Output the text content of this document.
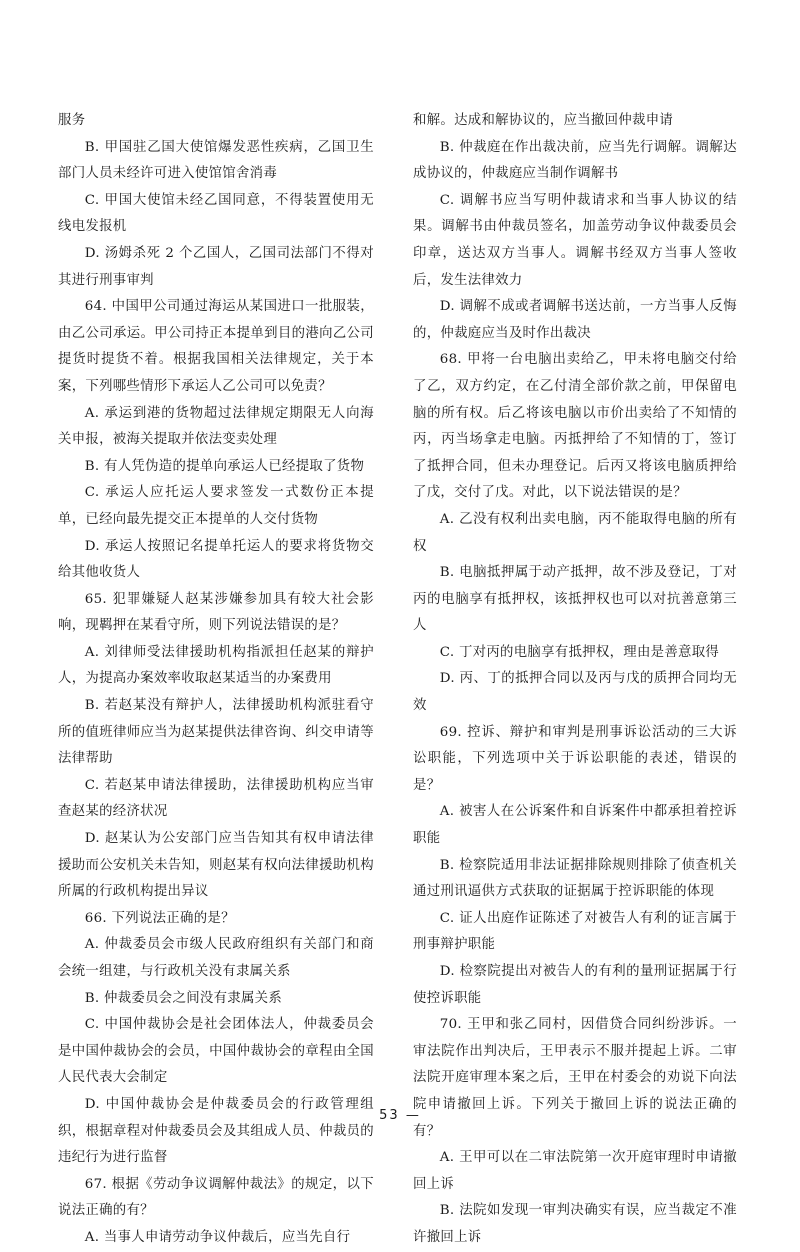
服务

B. 甲国驻乙国大使馆爆发恶性疾病，乙国卫生部门人员未经许可进入使馆馆舍消毒

C. 甲国大使馆未经乙国同意，不得装置使用无线电发报机

D. 汤姆杀死 2 个乙国人，乙国司法部门不得对其进行刑事审判

64. 中国甲公司通过海运从某国进口一批服装，由乙公司承运。甲公司持正本提单到目的港向乙公司提货时提货不着。根据我国相关法律规定，关于本案，下列哪些情形下承运人乙公司可以免责？

A. 承运到港的货物超过法律规定期限无人向海关申报，被海关提取并依法变卖处理

B. 有人凭伪造的提单向承运人已经提取了货物

C. 承运人应托运人要求签发一式数份正本提单，已经向最先提交正本提单的人交付货物

D. 承运人按照记名提单托运人的要求将货物交给其他收货人

65. 犯罪嫌疑人赵某涉嫌参加具有较大社会影响，现羁押在某看守所，则下列说法错误的是？

A. 刘律师受法律援助机构指派担任赵某的辩护人，为提高办案效率收取赵某适当的办案费用

B. 若赵某没有辩护人，法律援助机构派驻看守所的值班律师应当为赵某提供法律咨询、纠交申请等法律帮助

C. 若赵某申请法律援助，法律援助机构应当审查赵某的经济状况

D. 赵某认为公安部门应当告知其有权申请法律援助而公安机关未告知，则赵某有权向法律援助机构所属的行政机构提出异议

66. 下列说法正确的是？

A. 仲裁委员会市级人民政府组织有关部门和商会统一组建，与行政机关没有隶属关系

B. 仲裁委员会之间没有隶属关系

C. 中国仲裁协会是社会团体法人，仲裁委员会是中国仲裁协会的会员，中国仲裁协会的章程由全国人民代表大会制定

D. 中国仲裁协会是仲裁委员会的行政管理组织，根据章程对仲裁委员会及其组成人员、仲裁员的违纪行为进行监督

67. 根据《劳动争议调解仲裁法》的规定，以下说法正确的有？

A. 当事人申请劳动争议仲裁后，应当先自行

和解。达成和解协议的，应当撤回仲裁申请

B. 仲裁庭在作出裁决前，应当先行调解。调解达成协议的，仲裁庭应当制作调解书

C. 调解书应当写明仲裁请求和当事人协议的结果。调解书由仲裁员签名，加盖劳动争议仲裁委员会印章，送达双方当事人。调解书经双方当事人签收后，发生法律效力

D. 调解不成或者调解书送达前，一方当事人反悔的，仲裁庭应当及时作出裁决

68. 甲将一台电脑出卖给乙，甲未将电脑交付给了乙，双方约定，在乙付清全部价款之前，甲保留电脑的所有权。后乙将该电脑以市价出卖给了不知情的丙，丙当场拿走电脑。丙抵押给了不知情的丁，签订了抵押合同，但未办理登记。后丙又将该电脑质押给了戊，交付了戊。对此，以下说法错误的是？

A. 乙没有权利出卖电脑，丙不能取得电脑的所有权

B. 电脑抵押属于动产抵押，故不涉及登记，丁对丙的电脑享有抵押权，该抵押权也可以对抗善意第三人

C. 丁对丙的电脑享有抵押权，理由是善意取得

D. 丙、丁的抵押合同以及丙与戊的质押合同均无效

69. 控诉、辩护和审判是刑事诉讼活动的三大诉讼职能，下列选项中关于诉讼职能的表述，错误的是？

A. 被害人在公诉案件和自诉案件中都承担着控诉职能

B. 检察院适用非法证据排除规则排除了侦查机关通过刑讯逼供方式获取的证据属于控诉职能的体现

C. 证人出庭作证陈述了对被告人有利的证言属于刑事辩护职能

D. 检察院提出对被告人的有利的量刑证据属于行使控诉职能

70. 王甲和张乙同村，因借贷合同纠纷涉诉。一审法院作出判决后，王甲表示不服并提起上诉。二审法院开庭审理本案之后，王甲在村委会的劝说下向法院申请撤回上诉。下列关于撤回上诉的说法正确的有？

A. 王甲可以在二审法院第一次开庭审理时申请撤回上诉

B. 法院如发现一审判决确实有误，应当裁定不准许撤回上诉

53 —
